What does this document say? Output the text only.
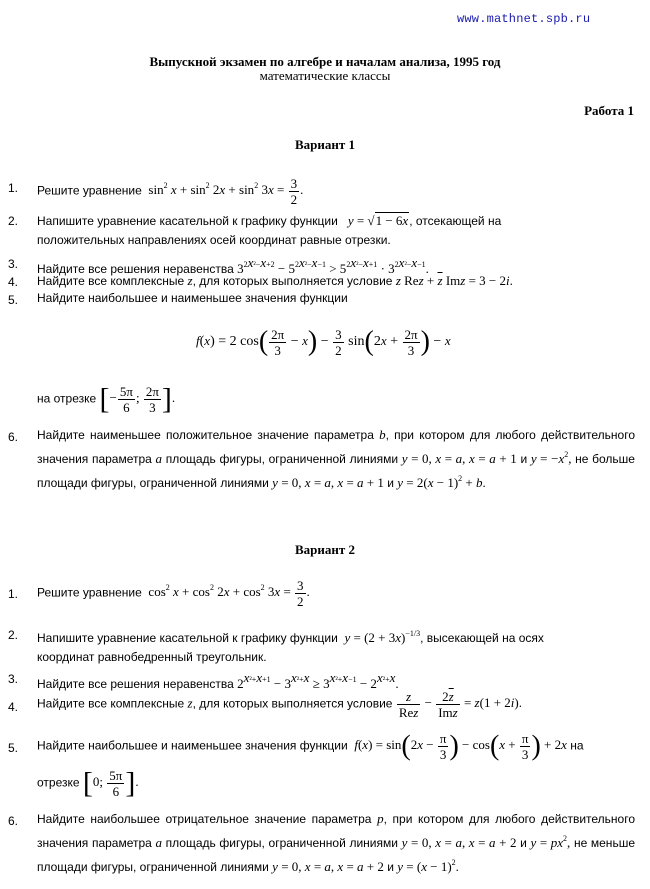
www.mathnet.spb.ru
Выпускной экзамен по алгебре и началам анализа, 1995 год
математические классы
Работа 1
Вариант 1
1. Решите уравнение $\sin^2 x + \sin^2 2x + \sin^2 3x = \frac{3}{2}$ .
2. Напишите уравнение касательной к графику функции y = √1 − 6x, отсекающей на
положительных направлениях осей координат равные отрезки.
3. Найдите все решения неравенства $3^{2x^2-x+2} - 5^{2x^2-x-1} > 5^{2x^2-x+1} \cdot 3^{2x^2-x-1}$.
4. Найдите все комплексные z, для которых выполняется условие z Rez + $\overline{z}$ Imz = 3 − 2i.
5. Найдите наибольшее и наименьшее значения функции
f(x) = 2 $\cos( \frac{2\pi}{3} - x) - \frac{3}{2} \sin(2x + \frac{2\pi}{3}$ ) − x
на отрезке [− $\frac{5\pi}{6}$ ; $\frac{2\pi}{3}$ ].
6. Найдите наименьшее положительное значение параметра b, при котором для любого действительного значения параметра a площадь фигуры, ограниченной линиями y = 0, x = a, x = a + 1 и $y = -x^2$, не больше площади фигуры, ограниченной линиями y = 0, x = a, x = a + 1 и $y = 2(x - 1)^2 + b$.
Вариант 2
1. Решите уравнение $\cos^2 x + \cos^2 2x + \cos^2 3x = \frac{3}{2}$ .
2. Напишите уравнение касательной к графику функции $y = (2 + 3x)^{-1/3}$, высекающей на осях
координат равнобедренный треугольник.
3. Найдите все решения неравенства $2^{x^2+x+1} - 3^{x^2+x} \ge 3^{x^2+x-1} - 2^{x^2+x}$.
4. Найдите все комплексные z, для которых выполняется условие $\frac{z}{\text{Rez}} - \frac{2\overline{z}}{\text{Imz}} = z(1 + 2i)$.
5. Найдите наибольшее и наименьшее значения функции $f(x) = \sin(2x - \frac{\pi}{3}$ ) − $\cos(x + \frac{\pi}{3}$ ) + 2x на
отрезке [0; $\frac{5\pi}{6}$ ].
6. Найдите наибольшее отрицательное значение параметра p, при котором для любого действительного значения параметра a площадь фигуры, ограниченной линиями y = 0, x = a, x = a + 2 и $y = px^2$, не меньше площади фигуры, ограниченной линиями y = 0, x = a, x = a + 2 и $y = (x - 1)^2$.
